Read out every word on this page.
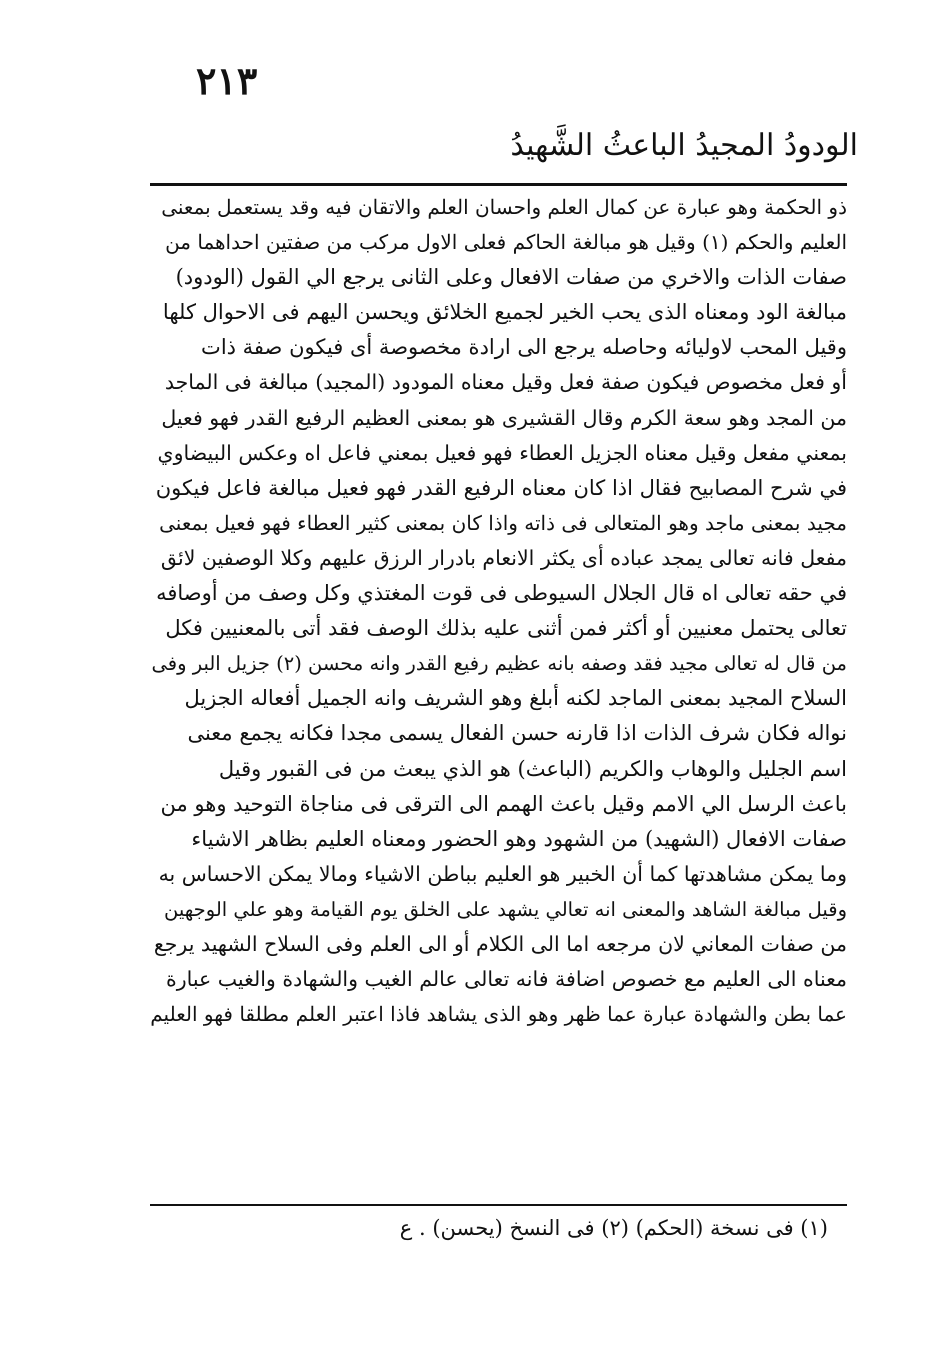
٢١٣
الودودُ المجيدُ الباعثُ الشَّهيدُ
ذو الحكمة وهو عبارة عن كمال العلم واحسان العلم والاتقان فيه وقد يستعمل بمعنى
العليم والحكم (١) وقيل هو مبالغة الحاكم فعلى الاول مركب من صفتين احداهما من
صفات الذات والاخري من صفات الافعال وعلى الثانى يرجع الي القول (الودود)
مبالغة الود ومعناه الذى يحب الخير لجميع الخلائق ويحسن اليهم فى الاحوال كلها
وقيل المحب لاوليائه وحاصله يرجع الى ارادة مخصوصة أى فيكون صفة ذات
أو فعل مخصوص فيكون صفة فعل وقيل معناه المودود (المجيد) مبالغة فى الماجد
من المجد وهو سعة الكرم وقال القشيرى هو بمعنى العظيم الرفيع القدر فهو فعيل
بمعني مفعل وقيل معناه الجزيل العطاء فهو فعيل بمعني فاعل اه وعكس البيضاوي
في شرح المصابيح فقال اذا كان معناه الرفيع القدر فهو فعيل مبالغة فاعل فيكون
مجيد بمعنى ماجد وهو المتعالى فى ذاته واذا كان بمعنى كثير العطاء فهو فعيل بمعنى
مفعل فانه تعالى يمجد عباده أى يكثر الانعام بادرار الرزق عليهم وكلا الوصفين لائق
في حقه تعالى اه قال الجلال السيوطى فى قوت المغتذي وكل وصف من أوصافه
تعالى يحتمل معنيين أو أكثر فمن أثنى عليه بذلك الوصف فقد أتى بالمعنيين فكل
من قال له تعالى مجيد فقد وصفه بانه عظيم رفيع القدر وانه محسن (٢) جزيل البر وفى
السلاح المجيد بمعنى الماجد لكنه أبلغ وهو الشريف وانه الجميل أفعاله الجزيل
نواله فكان شرف الذات اذا قارنه حسن الفعال يسمى مجدا فكانه يجمع معنى
اسم الجليل والوهاب والكريم (الباعث) هو الذي يبعث من فى القبور وقيل
باعث الرسل الي الامم وقيل باعث الهمم الى الترقى فى مناجاة التوحيد وهو من
صفات الافعال (الشهيد) من الشهود وهو الحضور ومعناه العليم بظاهر الاشياء
وما يمكن مشاهدتها كما أن الخبير هو العليم بباطن الاشياء ومالا يمكن الاحساس به
وقيل مبالغة الشاهد والمعنى انه تعالي يشهد على الخلق يوم القيامة وهو علي الوجهين
من صفات المعاني لان مرجعه اما الى الكلام أو الى العلم وفى السلاح الشهيد يرجع
معناه الى العليم مع خصوص اضافة فانه تعالى عالم الغيب والشهادة والغيب عبارة
عما بطن والشهادة عبارة عما ظهر وهو الذى يشاهد فاذا اعتبر العلم مطلقا فهو العليم
(١) فى نسخة (الحكم) (٢) فى النسخ (يحسن) . ع
